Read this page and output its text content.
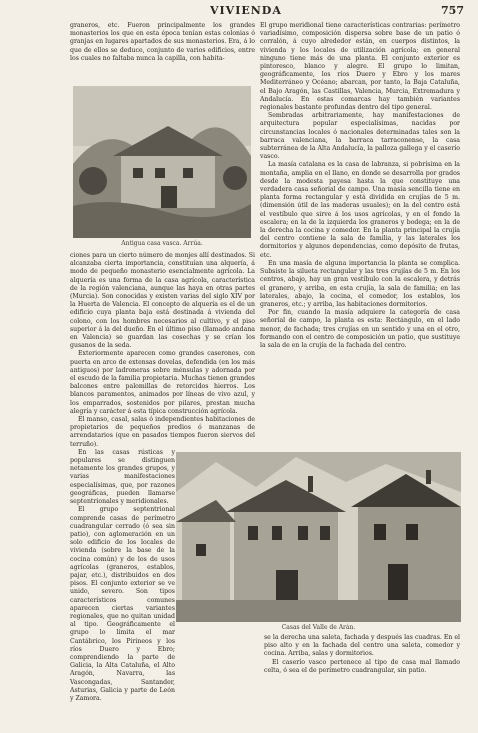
VIVIENDA	757

graneros, etc. Fueron principalmente los grandes monasterios los que en esta época tenían estas colonias ó granjas en lugares apartados de sus monasterios. Era, á lo que de ellos se deduce, conjunto de varios edificios, entre los cuales no faltaba nunca la capilla, con habita-

Antigua casa vasca. Arrúa.

ciones para un cierto número de monjes allí destinados. Si alcanzaba cierta importancia, constituían una alquería, á modo de pequeño monasterio esencialmente agrícola. La alquería es una forma de la casa agrícola, característica de la región valenciana, aunque las haya en otras partes (Murcia). Son conocidas y existen varias del siglo XIV por la Huerta de Valencia. El concepto de alquería es el de un edificio cuya planta baja está destinada á vivienda del colono, con los hombres necesarios al cultivo, y el piso superior á la del dueño. En el último piso (llamado andana en Valencia) se guardan las cosechas y se crían los gusanos de la seda.

Exteriormente aparecen como grandes caserones, con puerta en arco de extensas dovelas, defendida (en los más antiguos) por ladroneras sobre ménsulas y adornada por el escudo de la familia propietaria. Muchas tienen grandes balcones entre palomillas de retorcidos hierros. Los blancos paramentos, animados por líneas de vivo azul, y los emparrados, sostenidos por pilares, prestan mucha alegría y carácter á esta típica construcción agrícola.

El manso, casal, salas ó independientes habitaciones de propietarios de pequeños predios ó manzanas de arrendatarios (que en pasados tiempos fueron siervos del terruño).

En las casas rústicas y populares se distinguen netamente los grandes grupos, y varias manifestaciones especialísimas, que, por razones geográficas, pueden llamarse septentrionales y meridionales.

El grupo septentrional comprende casas de perímetro cuadrangular cerrado (ó sea sin patio), con aglomeración en un solo edificio de los locales de vivienda (sobre la base de la cocina común) y de los de usos agrícolas (graneros, establos, pajar, etc.), distribuidos en dos pisos. El conjunto exterior se ve unido, severo. Son tipos característicos comunes aparecen ciertas variantes regionales, que no quitan unidad al tipo. Geográficamente el grupo lo limita el mar Cantábrico, los Pirineos y los ríos Duero y Ebro; comprendiendo la parte de Galicia, la Alta Cataluña, el Alto Aragón, Navarra, las Vascongadas, Santander, Asturias, Galicia y parte de León y Zamora.

El grupo meridional tiene características contrarias: perímetro variadísimo, composición dispersa sobre base de un patio ó corralón, á cuyo alrededor están, en cuerpos distintos, la vivienda y los locales de utilización agrícola; en general ninguno tiene más de una planta. El conjunto exterior es pintoresco, blanco y alegre. El grupo lo limitan, geográficamente, los ríos Duero y Ebro y los mares Mediterráneo y Océano; abarcan, por tanto, la Baja Cataluña, el Bajo Aragón, las Castillas, Valencia, Murcia, Extremadura y Andalucía. En estas comarcas hay también variantes regionales bastante profundas dentro del tipo general.

Sembradas arbitrariamente, hay manifestaciones de arquitectura popular especialísimas, nacidas por circunstancias locales ó nacionales determinadas tales son la barraca valenciana, la barraca tarraconense, la casa subterránea de la Alta Andalucía, la palloza gallega y el caserío vasco.

La masía catalana es la casa de labranza, si pobrísima en la montaña, amplia en el llano, en donde se desarrolla por grados desde la modesta payesa hasta la que constituye una verdadera casa señorial de campo. Una masía sencilla tiene en planta forma rectangular y está dividida en crujías de 5 m. (dimensión útil de las maderas usuales); en la del centro está el vestíbulo que sirve á los usos agrícolas, y en el fondo la escalera; en la de la izquierda los graneros y bodega; en la de la derecha la cocina y comedor. En la planta principal la crujía del centro contiene la sala de familia, y las laterales los dormitorios y algunos dependencias, como depósito de frutas, etc.

En una masía de alguna importancia la planta se complica. Subsiste la silueta rectangular y las tres crujías de 5 m. En los centros, abajo, hay un gran vestíbulo con la escalera, y detrás el granero, y arriba, en esta crujía, la sala de familia; en las laterales, abajo, la cocina, el comedor, los establos, los graneros, etc.; y arriba, las habitaciones dormitorios.

Por fin, cuando la masía adquiere la categoría de casa señorial de campo, la planta es esta: Rectángulo, en el lado menor, de fachada; tres crujías en un sentido y una en el otro, formando con el centro de composición un patio, que sustituye la sala de en la crujía de la fachada del centro.

Casas del Valle de Arán.

se la derecha una saleta, fachada y después las cuadras. En el piso alto y en la fachada del centro una saleta, comedor y cocina. Arriba, salas y dormitorios.

El caserío vasco pertenece al tipo de casa mal llamado celta, ó sea el de perímetro cuadrangular, sin patio.
